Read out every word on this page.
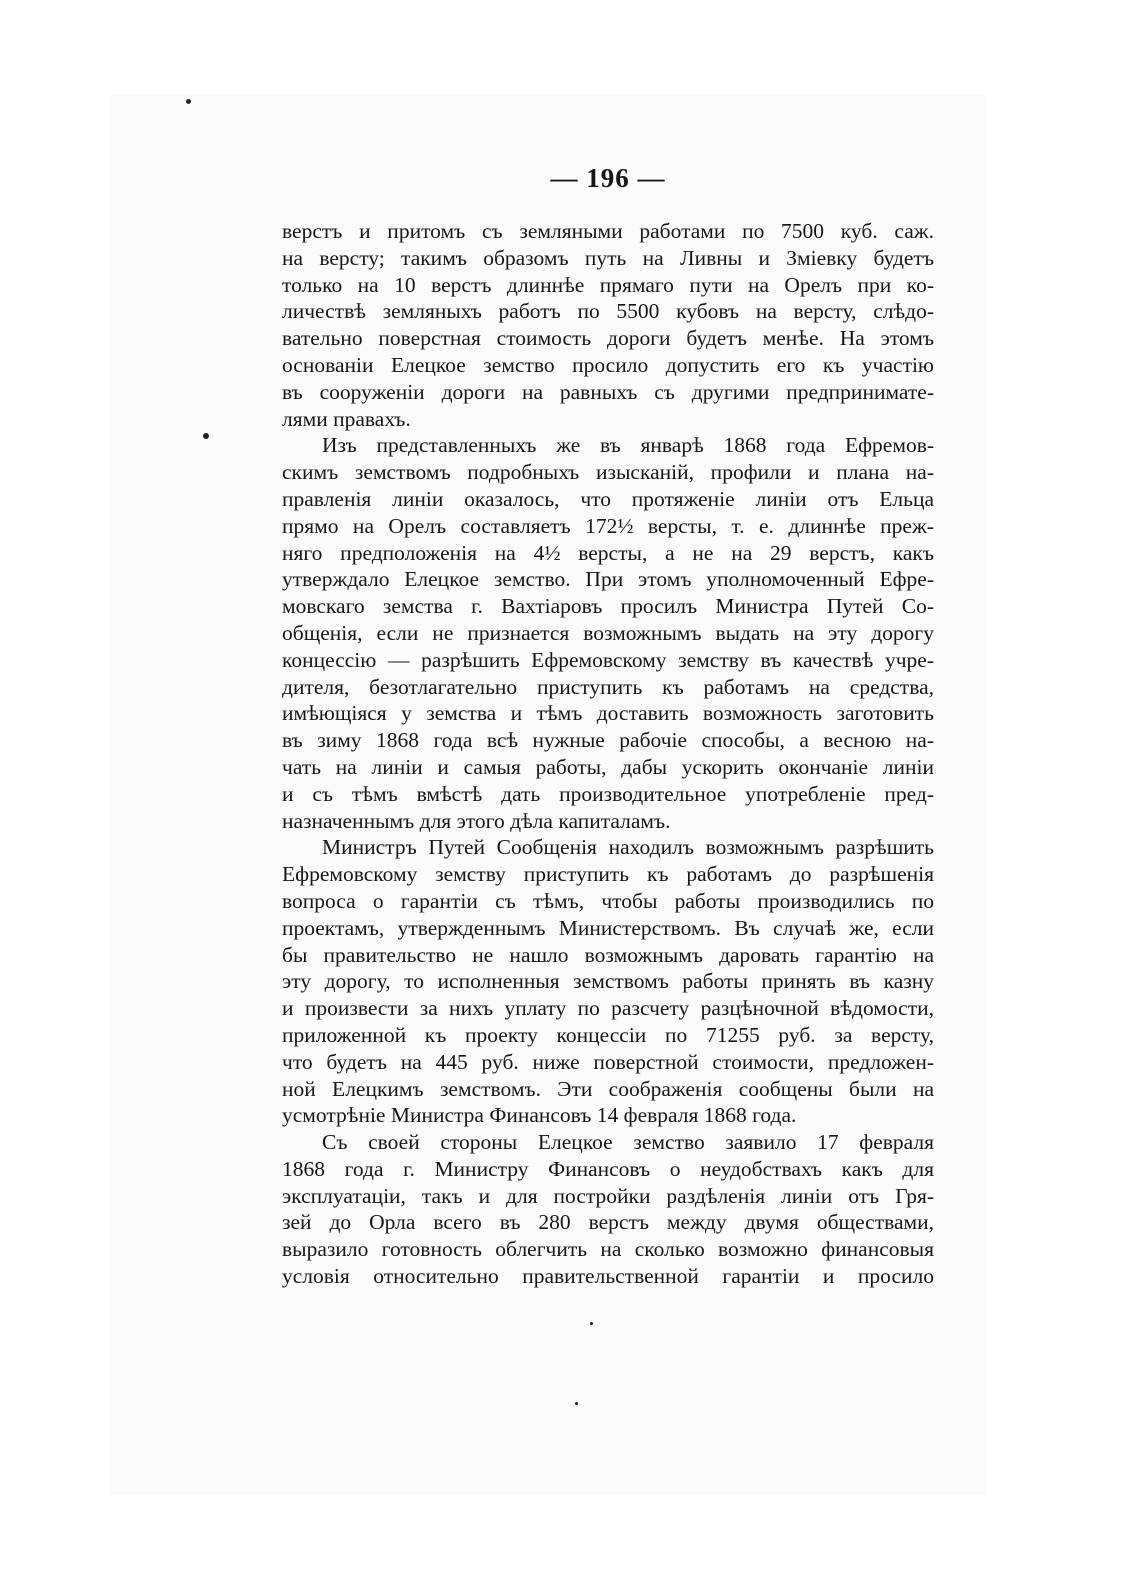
— 196 —
верстъ и притомъ съ земляными работами по 7500 куб. саж.
на версту; такимъ образомъ путь на Ливны и Змiевку будетъ
только на 10 верстъ длиннѣе прямаго пути на Орелъ при ко-
личествѣ земляныхъ работъ по 5500 кубовъ на версту, слѣдо-
вательно поверстная стоимость дороги будетъ менѣе. На этомъ
основанiи Елецкое земство просило допустить его къ участiю
въ сооруженiи дороги на равныхъ съ другими предпринимате-
лями правахъ.
Изъ представленныхъ же въ январѣ 1868 года Ефремов-
скимъ земствомъ подробныхъ изысканiй, профили и плана на-
правленiя линiи оказалось, что протяженiе линiи отъ Ельца
прямо на Орелъ составляетъ 172½ версты, т. е. длиннѣе преж-
няго предположенiя на 4½ версты, а не на 29 верстъ, какъ
утверждало Елецкое земство. При этомъ уполномоченный Ефре-
мовскаго земства г. Вахтiаровъ просилъ Министра Путей Со-
общенiя, если не признается возможнымъ выдать на эту дорогу
концессiю — разрѣшить Ефремовскому земству въ качествѣ учре-
дителя, безотлагательно приступить къ работамъ на средства,
имѣющiяся у земства и тѣмъ доставить возможность заготовить
въ зиму 1868 года всѣ нужные рабочiе способы, а весною на-
чать на линiи и самыя работы, дабы ускорить окончанiе линiи
и съ тѣмъ вмѣстѣ дать производительное употребленiе пред-
назначеннымъ для этого дѣла капиталамъ.
Министръ Путей Сообщенiя находилъ возможнымъ разрѣшить
Ефремовскому земству приступить къ работамъ до разрѣшенiя
вопроса о гарантiи съ тѣмъ, чтобы работы производились по
проектамъ, утвержденнымъ Министерствомъ. Въ случаѣ же, если
бы правительство не нашло возможнымъ даровать гарантiю на
эту дорогу, то исполненныя земствомъ работы принять въ казну
и произвести за нихъ уплату по разсчету разцѣночной вѣдомости,
приложенной къ проекту концессiи по 71255 руб. за версту,
что будетъ на 445 руб. ниже поверстной стоимости, предложен-
ной Елецкимъ земствомъ. Эти соображенiя сообщены были на
усмотрѣнiе Министра Финансовъ 14 февраля 1868 года.
Съ своей стороны Елецкое земство заявило 17 февраля
1868 года г. Министру Финансовъ о неудобствахъ какъ для
эксплуатацiи, такъ и для постройки раздѣленiя линiи отъ Гря-
зей до Орла всего въ 280 верстъ между двумя обществами,
выразило готовность облегчить на сколько возможно финансовыя
условiя относительно правительственной гарантiи и просило
